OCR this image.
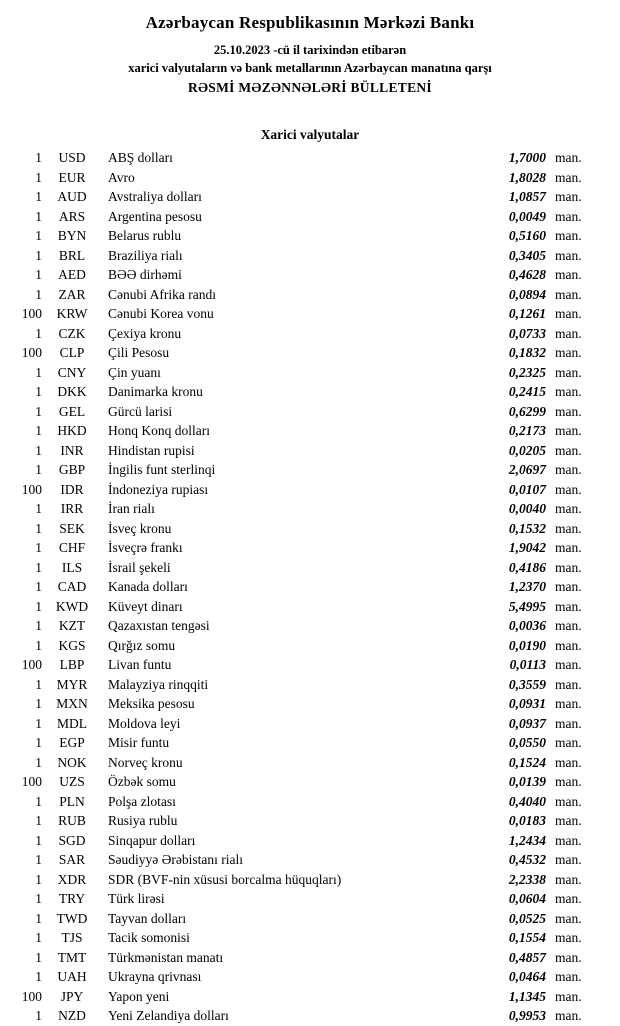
Azərbaycan Respublikasının Mərkəzi Bankı
25.10.2023 -cü il tarixindən etibarən
xarici valyutaların və bank metallarının Azərbaycan manatına qarşı
RƏSMİ MƏZƏNNƏLƏRİ BÜLLETENİ
Xarici valyutalar
1	USD	ABŞ dolları	1,7000 man.
1	EUR	Avro	1,8028 man.
1	AUD	Avstraliya dolları	1,0857 man.
1	ARS	Argentina pesosu	0,0049 man.
1	BYN	Belarus rublu	0,5160 man.
1	BRL	Braziliya rialı	0,3405 man.
1	AED	BƏƏ dirhəmi	0,4628 man.
1	ZAR	Cənubi Afrika randı	0,0894 man.
100	KRW	Cənubi Korea vonu	0,1261 man.
1	CZK	Çexiya kronu	0,0733 man.
100	CLP	Çili Pesosu	0,1832 man.
1	CNY	Çin yuanı	0,2325 man.
1	DKK	Danimarka kronu	0,2415 man.
1	GEL	Gürcü larisi	0,6299 man.
1	HKD	Honq Konq dolları	0,2173 man.
1	INR	Hindistan rupisi	0,0205 man.
1	GBP	İngilis funt sterlinqi	2,0697 man.
100	IDR	İndoneziya rupiası	0,0107 man.
1	IRR	İran rialı	0,0040 man.
1	SEK	İsveç kronu	0,1532 man.
1	CHF	İsveçrə frankı	1,9042 man.
1	ILS	İsrail şekeli	0,4186 man.
1	CAD	Kanada dolları	1,2370 man.
1	KWD	Küveyt dinarı	5,4995 man.
1	KZT	Qazaxıstan tengəsi	0,0036 man.
1	KGS	Qırğız somu	0,0190 man.
100	LBP	Livan funtu	0,0113 man.
1	MYR	Malayziya rinqqiti	0,3559 man.
1	MXN	Meksika pesosu	0,0931 man.
1	MDL	Moldova leyi	0,0937 man.
1	EGP	Misir funtu	0,0550 man.
1	NOK	Norveç kronu	0,1524 man.
100	UZS	Özbək somu	0,0139 man.
1	PLN	Polşa zlotası	0,4040 man.
1	RUB	Rusiya rublu	0,0183 man.
1	SGD	Sinqapur dolları	1,2434 man.
1	SAR	Səudiyyə Ərəbistanı rialı	0,4532 man.
1	XDR	SDR (BVF-nin xüsusi borcalma hüquqları)	2,2338 man.
1	TRY	Türk lirəsi	0,0604 man.
1	TWD	Tayvan dolları	0,0525 man.
1	TJS	Tacik somonisi	0,1554 man.
1	TMT	Türkmənistan manatı	0,4857 man.
1	UAH	Ukrayna qrivnası	0,0464 man.
100	JPY	Yapon yeni	1,1345 man.
1	NZD	Yeni Zelandiya dolları	0,9953 man.
